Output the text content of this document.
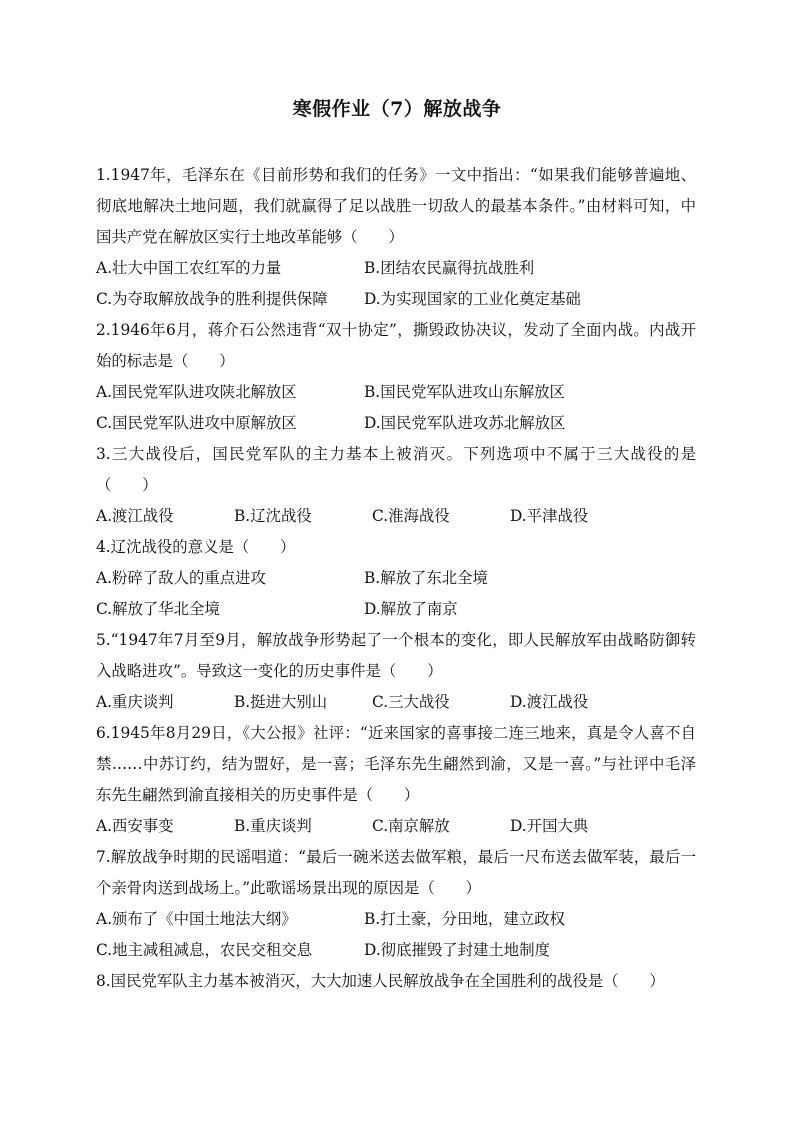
寒假作业（7）解放战争

1.1947年，毛泽东在《目前形势和我们的任务》一文中指出：“如果我们能够普遍地、彻底地解决土地问题，我们就赢得了足以战胜一切敌人的最基本条件。”由材料可知，中国共产党在解放区实行土地改革能够（　　）

A.壮大中国工农红军的力量	B.团结农民赢得抗战胜利
C.为夺取解放战争的胜利提供保障	D.为实现国家的工业化奠定基础

2.1946年6月，蒋介石公然违背“双十协定”，撕毁政协决议，发动了全面内战。内战开始的标志是（　　）

A.国民党军队进攻陕北解放区	B.国民党军队进攻山东解放区
C.国民党军队进攻中原解放区	D.国民党军队进攻苏北解放区

3.三大战役后，国民党军队的主力基本上被消灭。下列选项中不属于三大战役的是（　　）

A.渡江战役	B.辽沈战役	C.淮海战役	D.平津战役

4.辽沈战役的意义是（　　）

A.粉碎了敌人的重点进攻	B.解放了东北全境
C.解放了华北全境	D.解放了南京

5.“1947年7月至9月，解放战争形势起了一个根本的变化，即人民解放军由战略防御转入战略进攻”。导致这一变化的历史事件是（　　）

A.重庆谈判	B.挺进大别山	C.三大战役	D.渡江战役

6.1945年8月29日，《大公报》社评：“近来国家的喜事接二连三地来，真是令人喜不自禁……中苏订约，结为盟好，是一喜；毛泽东先生翩然到渝，又是一喜。”与社评中毛泽东先生翩然到渝直接相关的历史事件是（　　）

A.西安事变	B.重庆谈判	C.南京解放	D.开国大典

7.解放战争时期的民谣唱道：“最后一碗米送去做军粮，最后一尺布送去做军装，最后一个亲骨肉送到战场上。”此歌谣场景出现的原因是（　　）

A.颁布了《中国土地法大纲》	B.打土豪，分田地，建立政权
C.地主减租减息，农民交租交息	D.彻底摧毁了封建土地制度

8.国民党军队主力基本被消灭，大大加速人民解放战争在全国胜利的战役是（　　）
